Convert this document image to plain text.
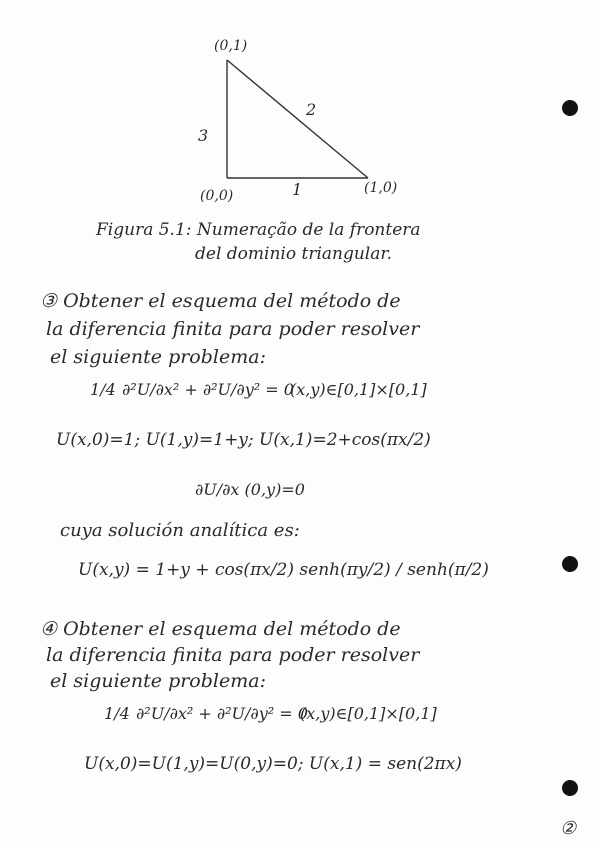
(0,1)
3
2
(0,0)	1	(1,0)
Figura 5.1: Numeração de la frontera
del dominio triangular.
③ Obtener el esquema del método de
la diferencia finita para poder resolver
el siguiente problema:
1/4 ∂²U/∂x² + ∂²U/∂y² = 0
(x,y)∈[0,1]×[0,1]
U(x,0)=1; U(1,y)=1+y; U(x,1)=2+cos(πx/2)
∂U/∂x (0,y)=0
cuya solución analítica es:
U(x,y) = 1+y + cos(πx/2) senh(πy/2) / senh(π/2)
④ Obtener el esquema del método de
la diferencia finita para poder resolver
el siguiente problema:
1/4 ∂²U/∂x² + ∂²U/∂y² = 0
(x,y)∈[0,1]×[0,1]
U(x,0)=U(1,y)=U(0,y)=0; U(x,1) = sen(2πx)
②
